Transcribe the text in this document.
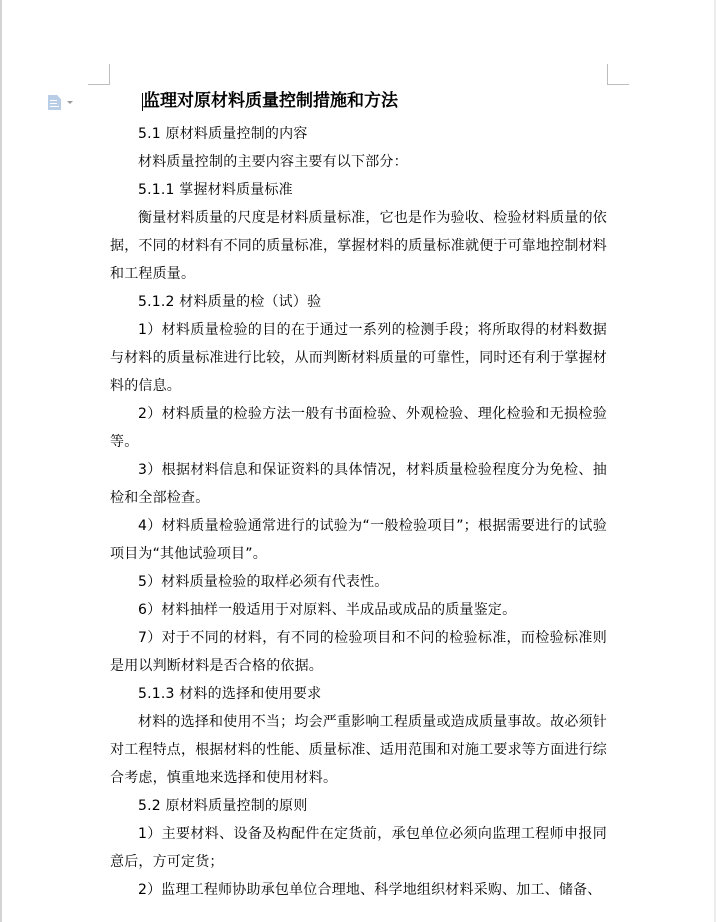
监理对原材料质量控制措施和方法

5.1 原材料质量控制的内容

材料质量控制的主要内容主要有以下部分：

5.1.1 掌握材料质量标准

衡量材料质量的尺度是材料质量标准，它也是作为验收、检验材料质量的依据，不同的材料有不同的质量标准，掌握材料的质量标准就便于可靠地控制材料和工程质量。

5.1.2 材料质量的检（试）验

1）材料质量检验的目的在于通过一系列的检测手段；将所取得的材料数据与材料的质量标准进行比较，从而判断材料质量的可靠性，同时还有利于掌握材料的信息。

2）材料质量的检验方法一般有书面检验、外观检验、理化检验和无损检验等。

3）根据材料信息和保证资料的具体情况，材料质量检验程度分为免检、抽检和全部检查。

4）材料质量检验通常进行的试验为“一般检验项目”；根据需要进行的试验项目为“其他试验项目”。

5）材料质量检验的取样必须有代表性。

6）材料抽样一般适用于对原料、半成品或成品的质量鉴定。

7）对于不同的材料，有不同的检验项目和不问的检验标准，而检验标准则是用以判断材料是否合格的依据。

5.1.3 材料的选择和使用要求

材料的选择和使用不当；均会严重影响工程质量或造成质量事故。故必须针对工程特点，根据材料的性能、质量标准、适用范围和对施工要求等方面进行综合考虑，慎重地来选择和使用材料。

5.2 原材料质量控制的原则

1）主要材料、设备及构配件在定货前，承包单位必须向监理工程师申报同意后，方可定货；

2）监理工程师协助承包单位合理地、科学地组织材料采购、加工、储备、
